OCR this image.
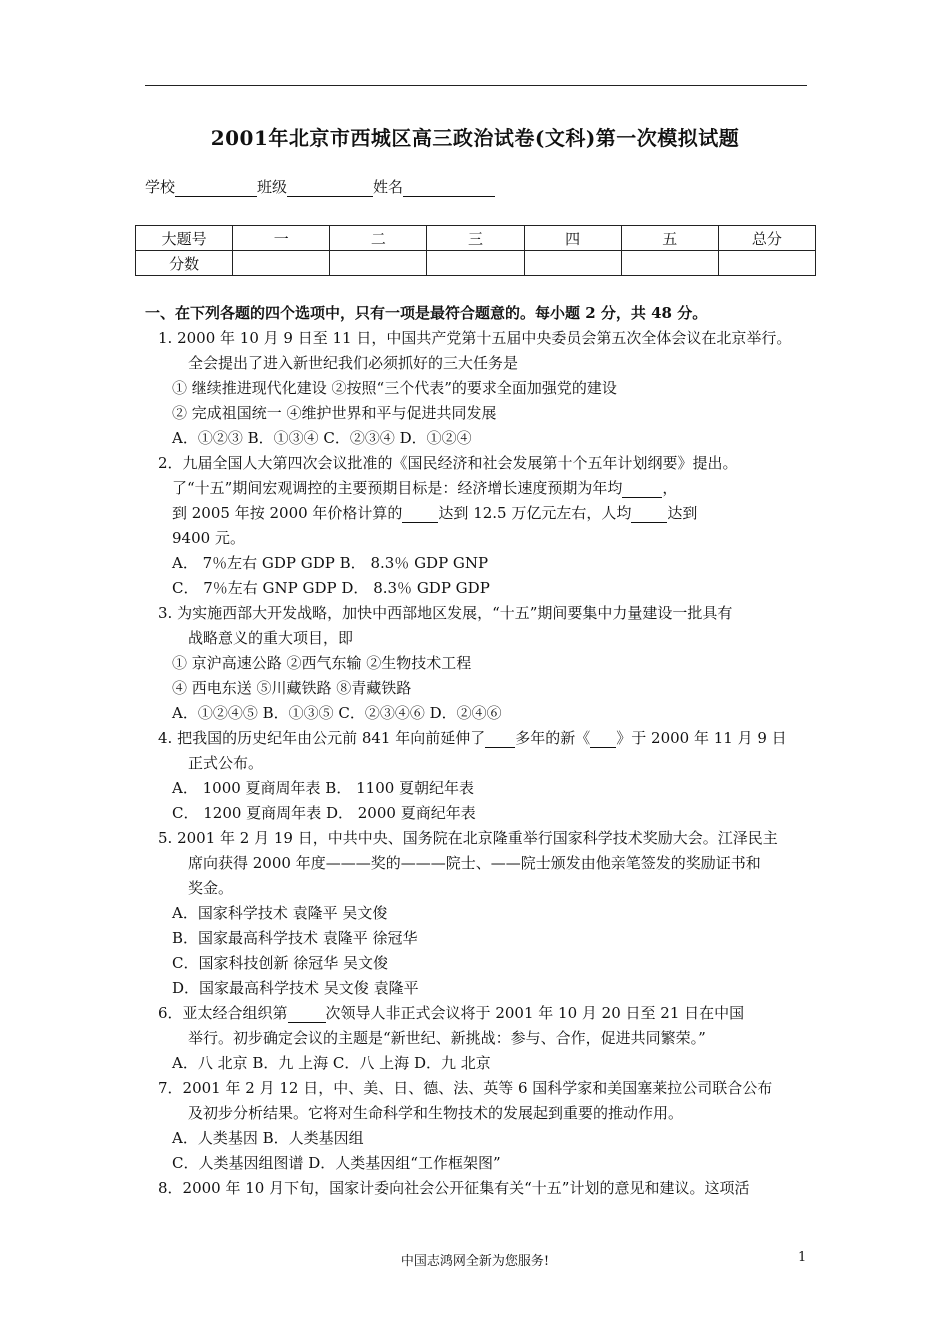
2001年北京市西城区高三政治试卷(文科)第一次模拟试题
学校	班级	姓名
大题号	一	二	三	四	五	总分
分数						
一、在下列各题的四个选项中，只有一项是最符合题意的。每小题 2 分，共 48 分。
1. 2000 年 10 月 9 日至 11 日，中国共产党第十五届中央委员会第五次全体会议在北京举行。
全会提出了进入新世纪我们必须抓好的三大任务是
① 继续推进现代化建设 ②按照“三个代表”的要求全面加强党的建设
② 完成祖国统一 ④维护世界和平与促进共同发展
A．①②③ B．①③④ C．②③④ D．①②④
2．九届全国人大第四次会议批准的《国民经济和社会发展第十个五年计划纲要》提出。
了“十五”期间宏观调控的主要预期目标是：经济增长速度预期为年均	，
到 2005 年按 2000 年价格计算的 达到 12.5 万亿元左右，人均 达到
9400 元。
A． 7％左右 GDP GDP B． 8.3％ GDP GNP
C． 7％左右 GNP GDP D． 8.3％ GDP GDP
3. 为实施西部大开发战略，加快中西部地区发展，“十五”期间要集中力量建设一批具有
战略意义的重大项目，即
① 京沪高速公路 ②西气东输 ②生物技术工程
④ 西电东送 ⑤川藏铁路 ⑧青藏铁路
A．①②④⑤ B．①③⑤ C．②③④⑥ D．②④⑥
4. 把我国的历史纪年由公元前 841 年向前延伸了 多年的新《 》于 2000 年 11 月 9 日
正式公布。
A． 1000 夏商周年表 B． 1100 夏朝纪年表
C． 1200 夏商周年表 D． 2000 夏商纪年表
5. 2001 年 2 月 19 日，中共中央、国务院在北京隆重举行国家科学技术奖励大会。江泽民主
席向获得 2000 年度———奖的———院士、——院士颁发由他亲笔签发的奖励证书和
奖金。
A．国家科学技术 袁隆平 吴文俊
B．国家最高科学技术 袁隆平 徐冠华
C．国家科技创新 徐冠华 吴文俊
D．国家最高科学技术 吴文俊 袁隆平
6．亚太经合组织第	次领导人非正式会议将于 2001 年 10 月 20 日至 21 日在中国
举行。初步确定会议的主题是“新世纪、新挑战：参与、合作，促进共同繁荣。”
A．八 北京 B．九 上海 C．八 上海 D．九 北京
7．2001 年 2 月 12 日，中、美、日、德、法、英等 6 国科学家和美国塞莱拉公司联合公布
及初步分析结果。它将对生命科学和生物技术的发展起到重要的推动作用。
A．人类基因 B．人类基因组
C．人类基因组图谱 D．人类基因组“工作框架图”
8．2000 年 10 月下旬，国家计委向社会公开征集有关“十五”计划的意见和建议。这项活
中国志鸿网全新为您服务!	1
